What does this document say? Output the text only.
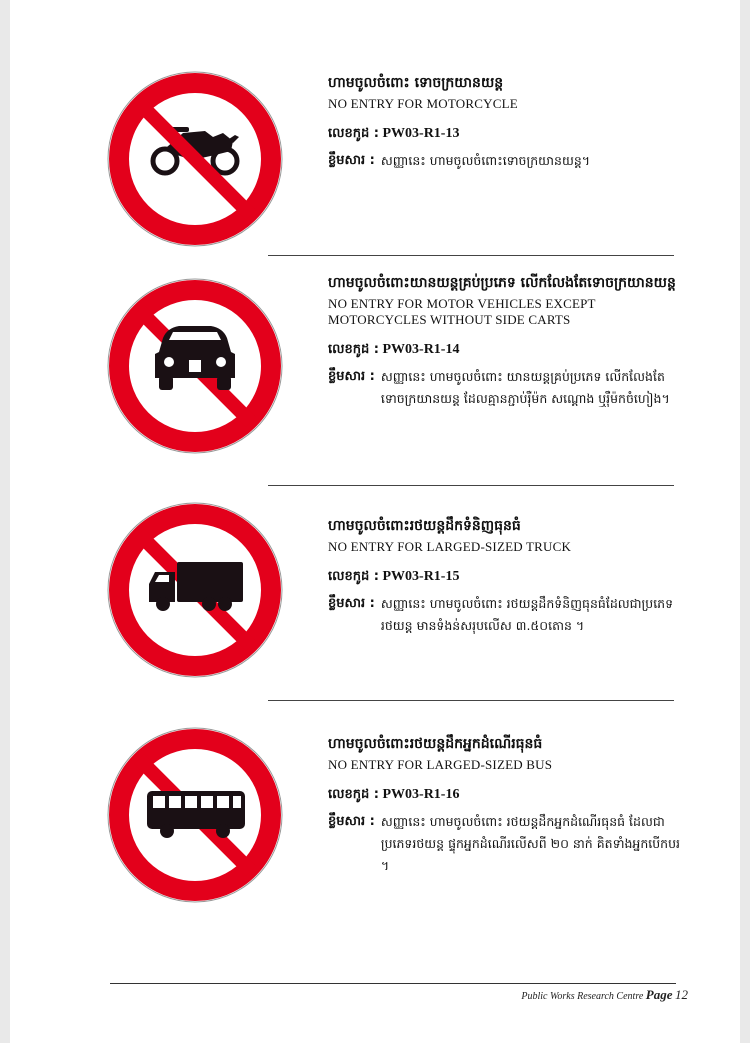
ហាមចូលចំពោះ ទោចក្រយានយន្ត

NO ENTRY FOR MOTORCYCLE

លេខកូដ : PW03-R1-13
ខ្លឹមសារ : សញ្ញានេះ ហាមចូលចំពោះទោចក្រយានយន្ត។

ហាមចូលចំពោះយានយន្តគ្រប់ប្រភេទ លើកលែងតែទោចក្រយានយន្ត

NO ENTRY FOR MOTOR VEHICLES EXCEPT MOTORCYCLES WITHOUT SIDE CARTS

លេខកូដ : PW03-R1-14
ខ្លឹមសារ : សញ្ញានេះ ហាមចូលចំពោះ យានយន្តគ្រប់ប្រភេទ លើកលែងតែ ទោចក្រយានយន្ត ដែលគ្មានភ្ជាប់រ៉ឺម៉ក សណ្តោង ឬរ៉ឺម៉កចំហៀង។

ហាមចូលចំពោះរថយន្តដឹកទំនិញធុនធំ

NO ENTRY FOR LARGED-SIZED TRUCK

លេខកូដ : PW03-R1-15
ខ្លឹមសារ : សញ្ញានេះ ហាមចូលចំពោះ រថយន្តដឹកទំនិញធុនធំដែលជាប្រភេទរថយន្ត មានទំងន់សរុបលើស ៣.៥០តោន ។

ហាមចូលចំពោះរថយន្តដឹកអ្នកដំណើរធុនធំ

NO ENTRY FOR LARGED-SIZED BUS

លេខកូដ : PW03-R1-16
ខ្លឹមសារ : សញ្ញានេះ ហាមចូលចំពោះ រថយន្តដឹកអ្នកដំណើរធុនធំ ដែលជា ប្រភេទរថយន្ត ផ្ទុកអ្នកដំណើរលើសពី ២០ នាក់ គិតទាំងអ្នកបើកបរ ។
Public Works Research Centre Page 12
